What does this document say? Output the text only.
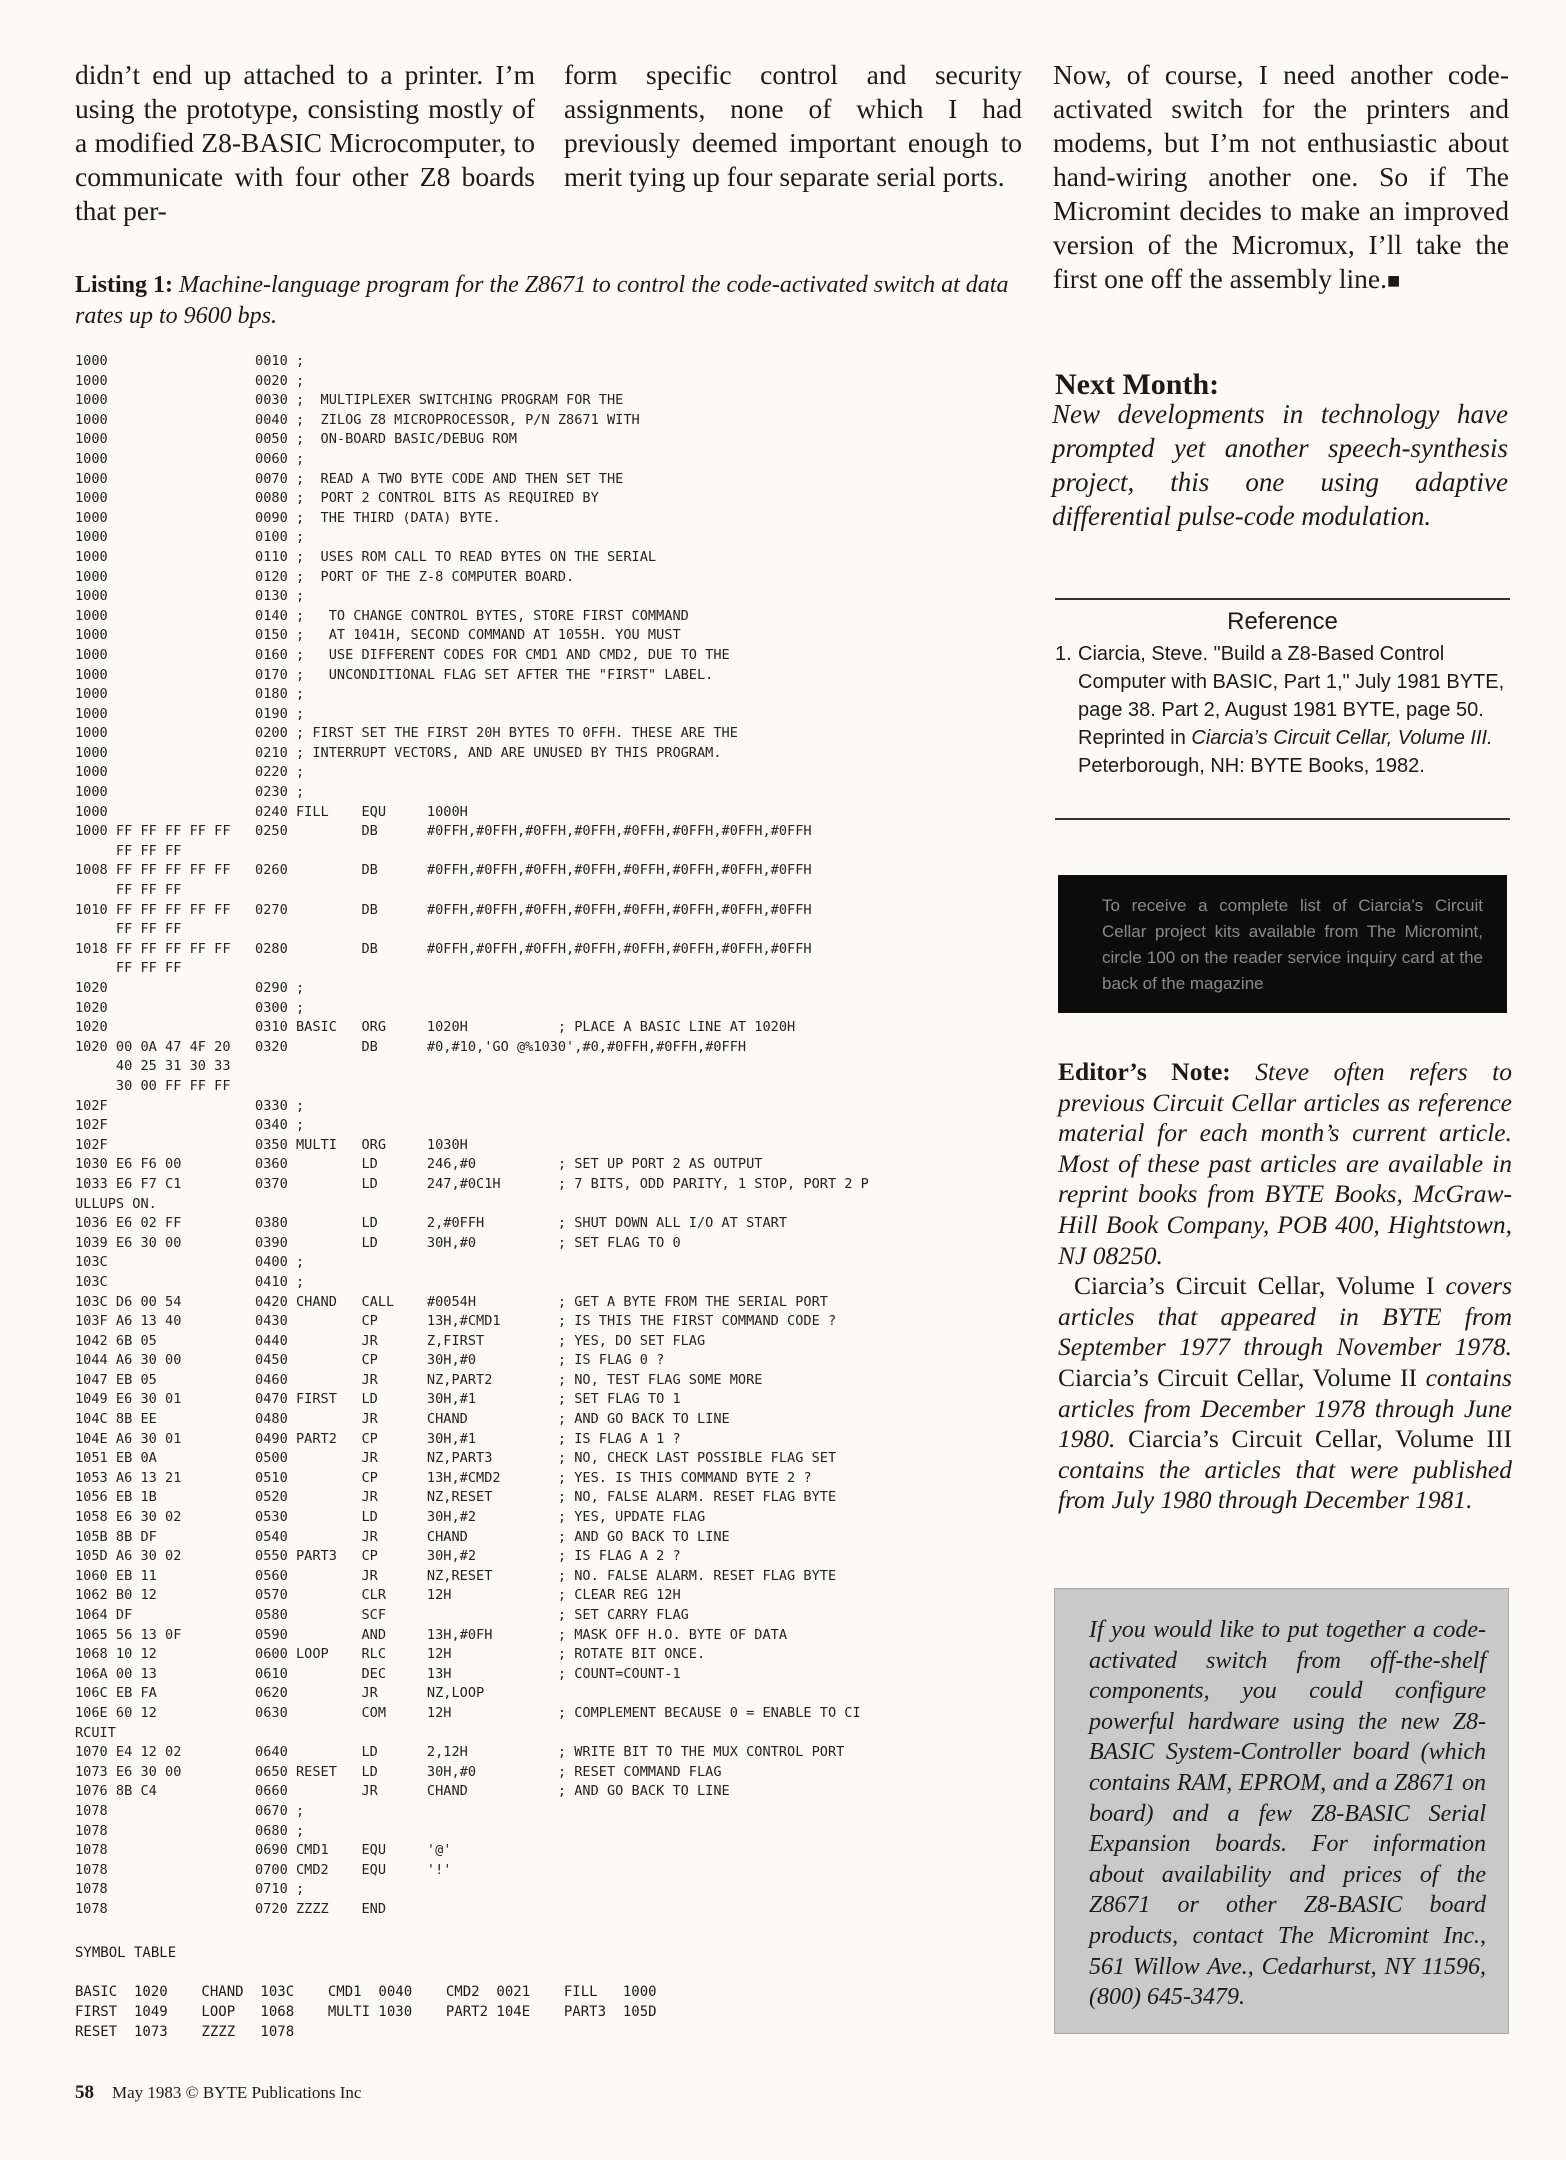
didn’t end up attached to a printer. I’m using the prototype, consisting mostly of a modified Z8-BASIC Microcomputer, to communicate with four other Z8 boards that per-

form specific control and security assignments, none of which I had previously deemed important enough to merit tying up four separate serial ports.

Now, of course, I need another code-activated switch for the printers and modems, but I’m not enthusiastic about hand-wiring another one. So if The Micromint decides to make an improved version of the Micromux, I’ll take the first one off the assembly line.■

Listing 1: Machine-language program for the Z8671 to control the code-activated switch at data rates up to 9600 bps.

1000                  0010 ;
1000                  0020 ;
1000                  0030 ;  MULTIPLEXER SWITCHING PROGRAM FOR THE
1000                  0040 ;  ZILOG Z8 MICROPROCESSOR, P/N Z8671 WITH
1000                  0050 ;  ON-BOARD BASIC/DEBUG ROM
1000                  0060 ;
1000                  0070 ;  READ A TWO BYTE CODE AND THEN SET THE
1000                  0080 ;  PORT 2 CONTROL BITS AS REQUIRED BY
1000                  0090 ;  THE THIRD (DATA) BYTE.
1000                  0100 ;
1000                  0110 ;  USES ROM CALL TO READ BYTES ON THE SERIAL
1000                  0120 ;  PORT OF THE Z-8 COMPUTER BOARD.
1000                  0130 ;
1000                  0140 ;   TO CHANGE CONTROL BYTES, STORE FIRST COMMAND
1000                  0150 ;   AT 1041H, SECOND COMMAND AT 1055H. YOU MUST
1000                  0160 ;   USE DIFFERENT CODES FOR CMD1 AND CMD2, DUE TO THE
1000                  0170 ;   UNCONDITIONAL FLAG SET AFTER THE "FIRST" LABEL.
1000                  0180 ;
1000                  0190 ;
1000                  0200 ; FIRST SET THE FIRST 20H BYTES TO 0FFH. THESE ARE THE
1000                  0210 ; INTERRUPT VECTORS, AND ARE UNUSED BY THIS PROGRAM.
1000                  0220 ;
1000                  0230 ;
1000                  0240 FILL    EQU     1000H
1000 FF FF FF FF FF   0250         DB      #0FFH,#0FFH,#0FFH,#0FFH,#0FFH,#0FFH,#0FFH,#0FFH
FF FF FF
1008 FF FF FF FF FF   0260         DB      #0FFH,#0FFH,#0FFH,#0FFH,#0FFH,#0FFH,#0FFH,#0FFH
FF FF FF
1010 FF FF FF FF FF   0270         DB      #0FFH,#0FFH,#0FFH,#0FFH,#0FFH,#0FFH,#0FFH,#0FFH
FF FF FF
1018 FF FF FF FF FF   0280         DB      #0FFH,#0FFH,#0FFH,#0FFH,#0FFH,#0FFH,#0FFH,#0FFH
FF FF FF
1020                  0290 ;
1020                  0300 ;
1020                  0310 BASIC   ORG     1020H           ; PLACE A BASIC LINE AT 1020H
1020 00 0A 47 4F 20   0320         DB      #0,#10,'GO @%1030',#0,#0FFH,#0FFH,#0FFH
40 25 31 30 33
30 00 FF FF FF
102F                  0330 ;
102F                  0340 ;
102F                  0350 MULTI   ORG     1030H
1030 E6 F6 00         0360         LD      246,#0          ; SET UP PORT 2 AS OUTPUT
1033 E6 F7 C1         0370         LD      247,#0C1H       ; 7 BITS, ODD PARITY, 1 STOP, PORT 2 P
ULLUPS ON.
1036 E6 02 FF         0380         LD      2,#0FFH         ; SHUT DOWN ALL I/O AT START
1039 E6 30 00         0390         LD      30H,#0          ; SET FLAG TO 0
103C                  0400 ;
103C                  0410 ;
103C D6 00 54         0420 CHAND   CALL    #0054H          ; GET A BYTE FROM THE SERIAL PORT
103F A6 13 40         0430         CP      13H,#CMD1       ; IS THIS THE FIRST COMMAND CODE ?
1042 6B 05            0440         JR      Z,FIRST         ; YES, DO SET FLAG
1044 A6 30 00         0450         CP      30H,#0          ; IS FLAG 0 ?
1047 EB 05            0460         JR      NZ,PART2        ; NO, TEST FLAG SOME MORE
1049 E6 30 01         0470 FIRST   LD      30H,#1          ; SET FLAG TO 1
104C 8B EE            0480         JR      CHAND           ; AND GO BACK TO LINE
104E A6 30 01         0490 PART2   CP      30H,#1          ; IS FLAG A 1 ?
1051 EB 0A            0500         JR      NZ,PART3        ; NO, CHECK LAST POSSIBLE FLAG SET
1053 A6 13 21         0510         CP      13H,#CMD2       ; YES. IS THIS COMMAND BYTE 2 ?
1056 EB 1B            0520         JR      NZ,RESET        ; NO, FALSE ALARM. RESET FLAG BYTE
1058 E6 30 02         0530         LD      30H,#2          ; YES, UPDATE FLAG
105B 8B DF            0540         JR      CHAND           ; AND GO BACK TO LINE
105D A6 30 02         0550 PART3   CP      30H,#2          ; IS FLAG A 2 ?
1060 EB 11            0560         JR      NZ,RESET        ; NO. FALSE ALARM. RESET FLAG BYTE
1062 B0 12            0570         CLR     12H             ; CLEAR REG 12H
1064 DF               0580         SCF                     ; SET CARRY FLAG
1065 56 13 0F         0590         AND     13H,#0FH        ; MASK OFF H.O. BYTE OF DATA
1068 10 12            0600 LOOP    RLC     12H             ; ROTATE BIT ONCE.
106A 00 13            0610         DEC     13H             ; COUNT=COUNT-1
106C EB FA            0620         JR      NZ,LOOP
106E 60 12            0630         COM     12H             ; COMPLEMENT BECAUSE 0 = ENABLE TO CI
RCUIT
1070 E4 12 02         0640         LD      2,12H           ; WRITE BIT TO THE MUX CONTROL PORT
1073 E6 30 00         0650 RESET   LD      30H,#0          ; RESET COMMAND FLAG
1076 8B C4            0660         JR      CHAND           ; AND GO BACK TO LINE
1078                  0670 ;
1078                  0680 ;
1078                  0690 CMD1    EQU     '@'
1078                  0700 CMD2    EQU     '!'
1078                  0710 ;
1078                  0720 ZZZZ    END

SYMBOL TABLE

BASIC  1020    CHAND  103C    CMD1  0040    CMD2  0021    FILL   1000
FIRST  1049    LOOP   1068    MULTI 1030    PART2 104E    PART3  105D
RESET  1073    ZZZZ   1078

58 May 1983 © BYTE Publications Inc

Next Month:

New developments in technology have prompted yet another speech-synthesis project, this one using adaptive differential pulse-code modulation.

Reference

1. Ciarcia, Steve. "Build a Z8-Based Control Computer with BASIC, Part 1," July 1981 BYTE, page 38. Part 2, August 1981 BYTE, page 50. Reprinted in Ciarcia’s Circuit Cellar, Volume III. Peterborough, NH: BYTE Books, 1982.

To receive a complete list of Ciarcia’s Circuit Cellar project kits available from The Micromint, circle 100 on the reader service inquiry card at the back of the magazine

Editor’s Note: Steve often refers to previous Circuit Cellar articles as reference material for each month’s current article. Most of these past articles are available in reprint books from BYTE Books, McGraw-Hill Book Company, POB 400, Hightstown, NJ 08250.
Ciarcia’s Circuit Cellar, Volume I covers articles that appeared in BYTE from September 1977 through November 1978. Ciarcia’s Circuit Cellar, Volume II contains articles from December 1978 through June 1980. Ciarcia’s Circuit Cellar, Volume III contains the articles that were published from July 1980 through December 1981.

If you would like to put together a code-activated switch from off-the-shelf components, you could configure powerful hardware using the new Z8-BASIC System-Controller board (which contains RAM, EPROM, and a Z8671 on board) and a few Z8-BASIC Serial Expansion boards. For information about availability and prices of the Z8671 or other Z8-BASIC board products, contact The Micromint Inc., 561 Willow Ave., Cedarhurst, NY 11596, (800) 645-3479.
